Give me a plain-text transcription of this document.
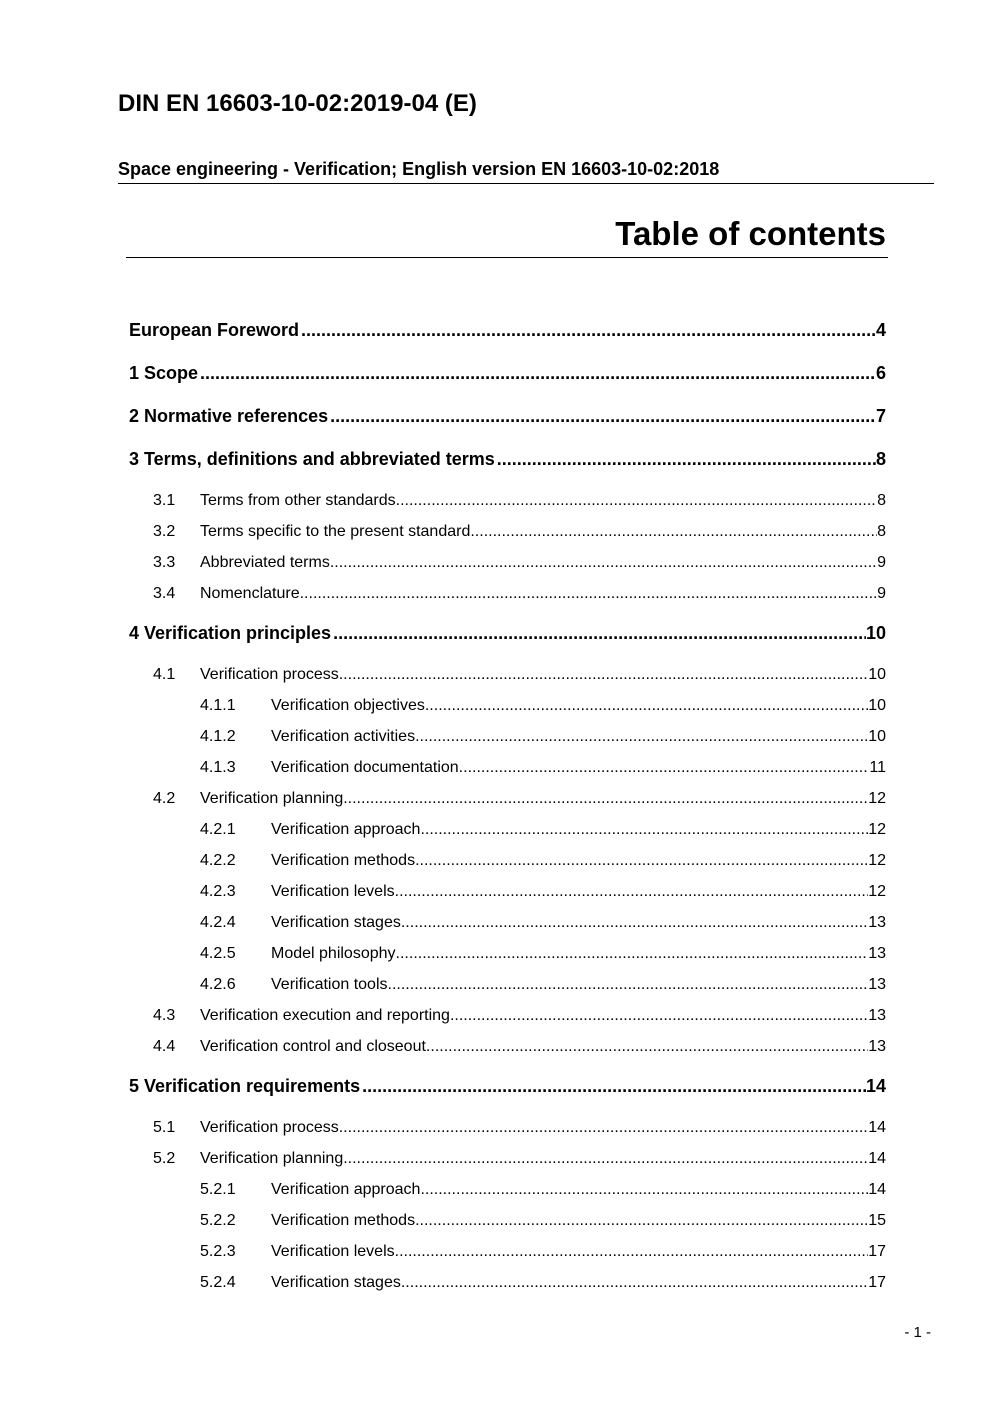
DIN EN 16603-10-02:2019-04 (E)
Space engineering - Verification; English version EN 16603-10-02:2018
Table of contents
European Foreword .....	4
1 Scope .....	6
2 Normative references .....	7
3 Terms, definitions and abbreviated terms .....	8
3.1	Terms from other standards .....	8
3.2	Terms specific to the present standard .....	8
3.3	Abbreviated terms .....	9
3.4	Nomenclature .....	9
4 Verification principles .....	10
4.1	Verification process .....	10
4.1.1	Verification objectives .....	10
4.1.2	Verification activities .....	10
4.1.3	Verification documentation .....	11
4.2	Verification planning .....	12
4.2.1	Verification approach .....	12
4.2.2	Verification methods .....	12
4.2.3	Verification levels .....	12
4.2.4	Verification stages .....	13
4.2.5	Model philosophy .....	13
4.2.6	Verification tools .....	13
4.3	Verification execution and reporting .....	13
4.4	Verification control and closeout .....	13
5 Verification requirements .....	14
5.1	Verification process .....	14
5.2	Verification planning .....	14
5.2.1	Verification approach .....	14
5.2.2	Verification methods .....	15
5.2.3	Verification levels .....	17
5.2.4	Verification stages .....	17
- 1 -
